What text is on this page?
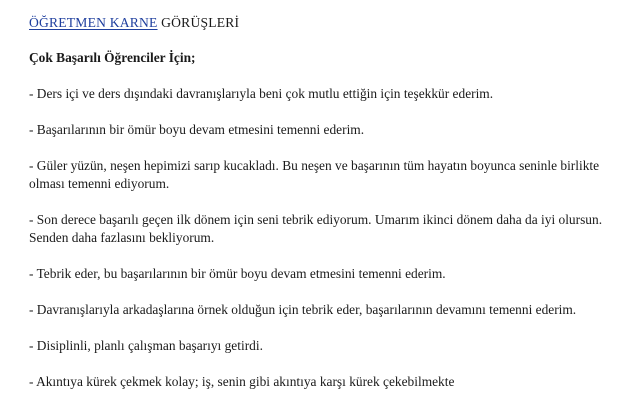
ÖĞRETMEN KARNE GÖRÜŞLERİ
Çok Başarılı Öğrenciler İçin;
- Ders içi ve ders dışındaki davranışlarıyla beni çok mutlu ettiğin için teşekkür ederim.
- Başarılarının bir ömür boyu devam etmesini temenni ederim.
- Güler yüzün, neşen hepimizi sarıp kucakladı. Bu neşen ve başarının tüm hayatın boyunca seninle birlikte olması temenni ediyorum.
- Son derece başarılı geçen ilk dönem için seni tebrik ediyorum. Umarım ikinci dönem daha da iyi olursun. Senden daha fazlasını bekliyorum.
- Tebrik eder, bu başarılarının bir ömür boyu devam etmesini temenni ederim.
- Davranışlarıyla arkadaşlarına örnek olduğun için tebrik eder, başarılarının devamını temenni ederim.
- Disiplinli, planlı çalışman başarıyı getirdi.
- Akıntıya kürek çekmek kolay; iş, senin gibi akıntıya karşı kürek çekebilmekte
